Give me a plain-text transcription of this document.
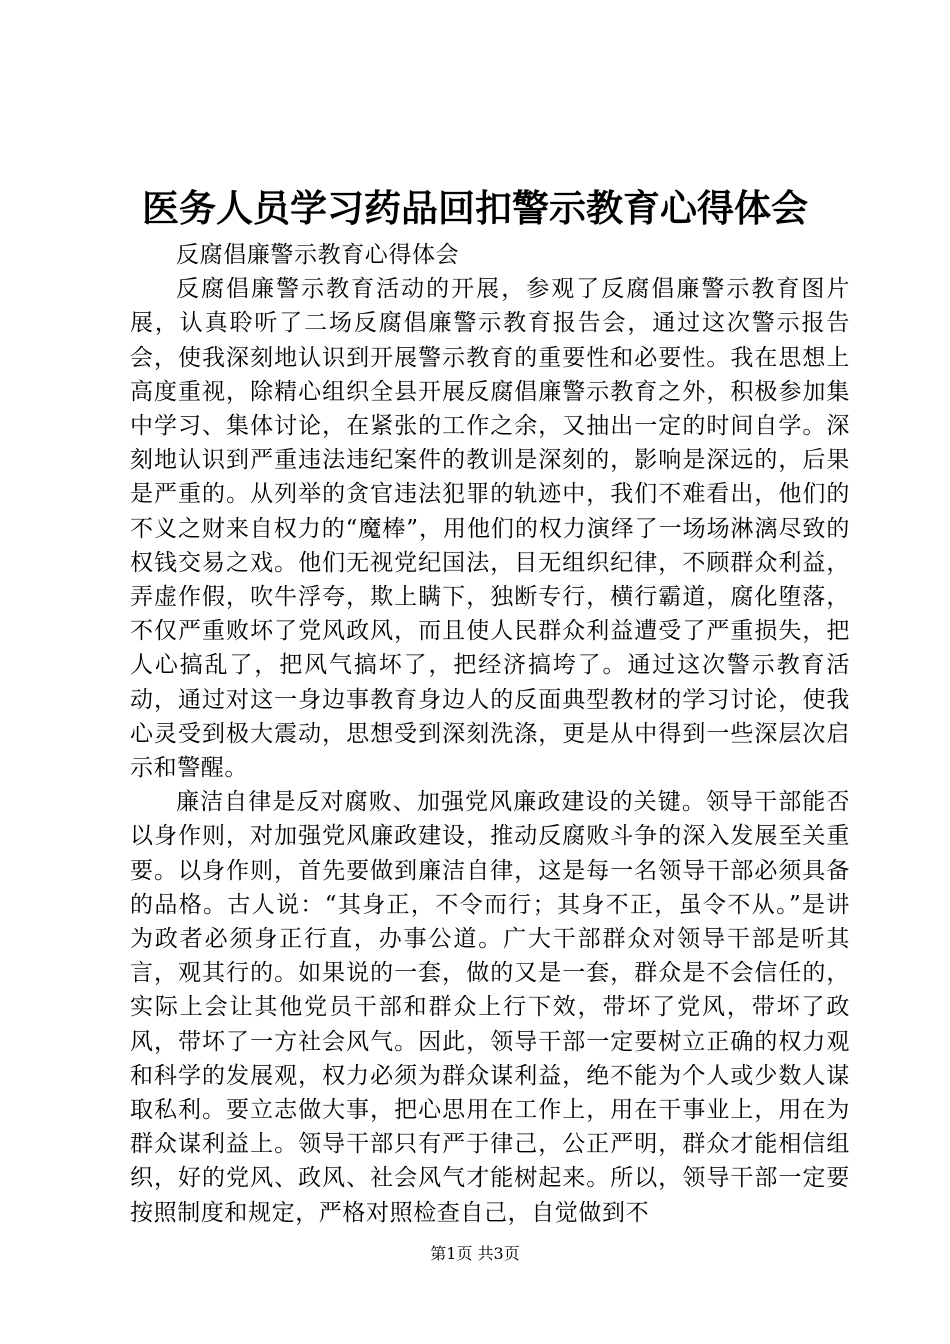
医务人员学习药品回扣警示教育心得体会

反腐倡廉警示教育心得体会

反腐倡廉警示教育活动的开展，参观了反腐倡廉警示教育图片展，认真聆听了二场反腐倡廉警示教育报告会，通过这次警示报告会，使我深刻地认识到开展警示教育的重要性和必要性。我在思想上高度重视，除精心组织全县开展反腐倡廉警示教育之外，积极参加集中学习、集体讨论，在紧张的工作之余，又抽出一定的时间自学。深刻地认识到严重违法违纪案件的教训是深刻的，影响是深远的，后果是严重的。从列举的贪官违法犯罪的轨迹中，我们不难看出，他们的不义之财来自权力的“魔棒”，用他们的权力演绎了一场场淋漓尽致的权钱交易之戏。他们无视党纪国法，目无组织纪律，不顾群众利益，弄虚作假，吹牛浮夸，欺上瞒下，独断专行，横行霸道，腐化堕落，不仅严重败坏了党风政风，而且使人民群众利益遭受了严重损失，把人心搞乱了，把风气搞坏了，把经济搞垮了。通过这次警示教育活动，通过对这一身边事教育身边人的反面典型教材的学习讨论，使我心灵受到极大震动，思想受到深刻洗涤，更是从中得到一些深层次启示和警醒。

廉洁自律是反对腐败、加强党风廉政建设的关键。领导干部能否以身作则，对加强党风廉政建设，推动反腐败斗争的深入发展至关重要。以身作则，首先要做到廉洁自律，这是每一名领导干部必须具备的品格。古人说：“其身正，不令而行；其身不正，虽令不从。”是讲为政者必须身正行直，办事公道。广大干部群众对领导干部是听其言，观其行的。如果说的一套，做的又是一套，群众是不会信任的，实际上会让其他党员干部和群众上行下效，带坏了党风，带坏了政风，带坏了一方社会风气。因此，领导干部一定要树立正确的权力观和科学的发展观，权力必须为群众谋利益，绝不能为个人或少数人谋取私利。要立志做大事，把心思用在工作上，用在干事业上，用在为群众谋利益上。领导干部只有严于律己，公正严明，群众才能相信组织，好的党风、政风、社会风气才能树起来。所以，领导干部一定要按照制度和规定，严格对照检查自己，自觉做到不

第1页 共3页
